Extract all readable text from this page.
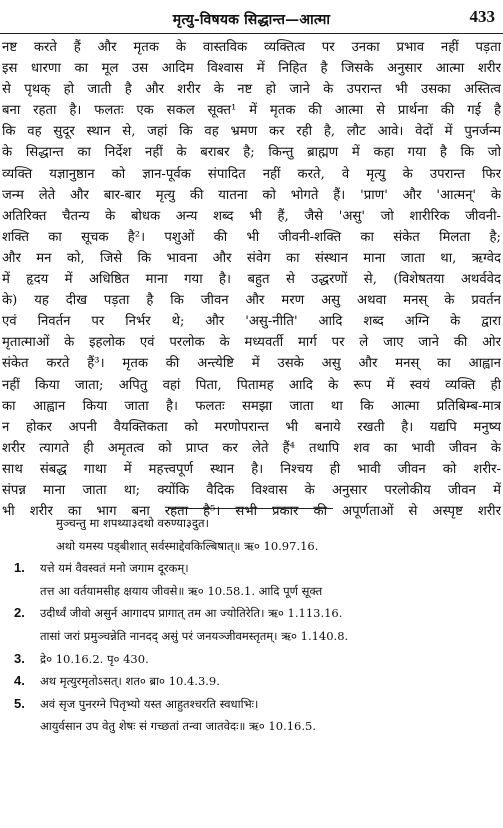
मृत्यु-विषयक सिद्धान्त—आत्मा	433
नष्ट करते हैं और मृतक के वास्तविक व्यक्तित्व पर उनका प्रभाव नहीं पड़ता
इस धारणा का मूल उस आदिम विश्वास में निहित है जिसके अनुसार आत्मा शरीर
से पृथक् हो जाती है और शरीर के नष्ट हो जाने के उपरान्त भी उसका अस्तित्व
बना रहता है। फलतः एक सकल सूक्त¹ में मृतक की आत्मा से प्रार्थना की गई है
कि वह सुदूर स्थान से, जहां कि वह भ्रमण कर रही है, लौट आवे। वेदों में पुनर्जन्म
के सिद्धान्त का निर्देश नहीं के बराबर है; किन्तु ब्राह्मण में कहा गया है कि जो
व्यक्ति यज्ञानुष्ठान को ज्ञान-पूर्वक संपादित नहीं करते, वे मृत्यु के उपरान्त फिर
जन्म लेते और बार-बार मृत्यु की यातना को भोगते हैं। 'प्राण' और 'आत्मन्' के
अतिरिक्त चैतन्य के बोधक अन्य शब्द भी हैं, जैसे 'असु' जो शारीरिक जीवनी-
शक्ति का सूचक है²। पशुओं की भी जीवनी-शक्ति का संकेत मिलता है;
और मन को, जिसे कि भावना और संवेग का संस्थान माना जाता था, ऋग्वेद
में हृदय में अधिष्ठित माना गया है। बहुत से उद्धरणों से, (विशेषतया अथर्ववेद
के) यह दीख पड़ता है कि जीवन और मरण असु अथवा मनस् के प्रवर्तन
एवं निवर्तन पर निर्भर थे; और 'असु-नीति' आदि शब्द अग्नि के द्वारा
मृतात्माओं के इहलोक एवं परलोक के मध्यवर्ती मार्ग पर ले जाए जाने की ओर
संकेत करते हैं³। मृतक की अन्त्येष्टि में उसके असु और मनस् का आह्वान
नहीं किया जाता; अपितु वहां पिता, पितामह आदि के रूप में स्वयं व्यक्ति ही
का आह्वान किया जाता है। फलतः समझा जाता था कि आत्मा प्रतिबिम्ब-मात्र
न होकर अपनी वैयक्तिकता को मरणोपरान्त भी बनाये रखती है। यद्यपि मनुष्य
शरीर त्यागते ही अमृतत्व को प्राप्त कर लेते हैं⁴ तथापि शव का भावी जीवन के
साथ संबद्ध गाथा में महत्त्वपूर्ण स्थान है। निश्चय ही भावी जीवन को शरीर-
संपन्न माना जाता था; क्योंकि वैदिक विश्वास के अनुसार परलोकीय जीवन में
भी शरीर का भाग बना रहता है⁵। सभी प्रकार की अपूर्णताओं से अस्पृष्ट शरीर
मुञ्चन्तु मा शपथ्या३दथो वरुण्या३दुत।
अथो यमस्य पड्बीशात् सर्वस्माद्देवकिल्बिषात्॥ ऋ० 10.97.16.
1. यत्ते यमं वैवस्वतं मनो जगाम दूरकम्।
तत्त आ वर्तयामसीह क्षयाय जीवसे॥ ऋ० 10.58.1. आदि पूर्ण सूक्त
2. उदीर्ध्वं जीवो असुर्न आगादप प्रागात् तम आ ज्योतिरेति। ऋ० 1.113.16.
तासां जरां प्रमुञ्चन्नेति नानदद् असुं परं जनयञ्जीवमस्तृतम्। ऋ० 1.140.8.
3. द्रे० 10.16.2. पृ० 430.
4. अथ मृत्युरमृतोऽसत्। शत० ब्रा० 10.4.3.9.
5. अवं सृज पुनरग्ने पितृभ्यो यस्त आहुतश्चरति स्वधाभिः।
आयुर्वसान उप वेतु शेषः सं गच्छतां तन्वा जातवेदः॥ ऋ० 10.16.5.
